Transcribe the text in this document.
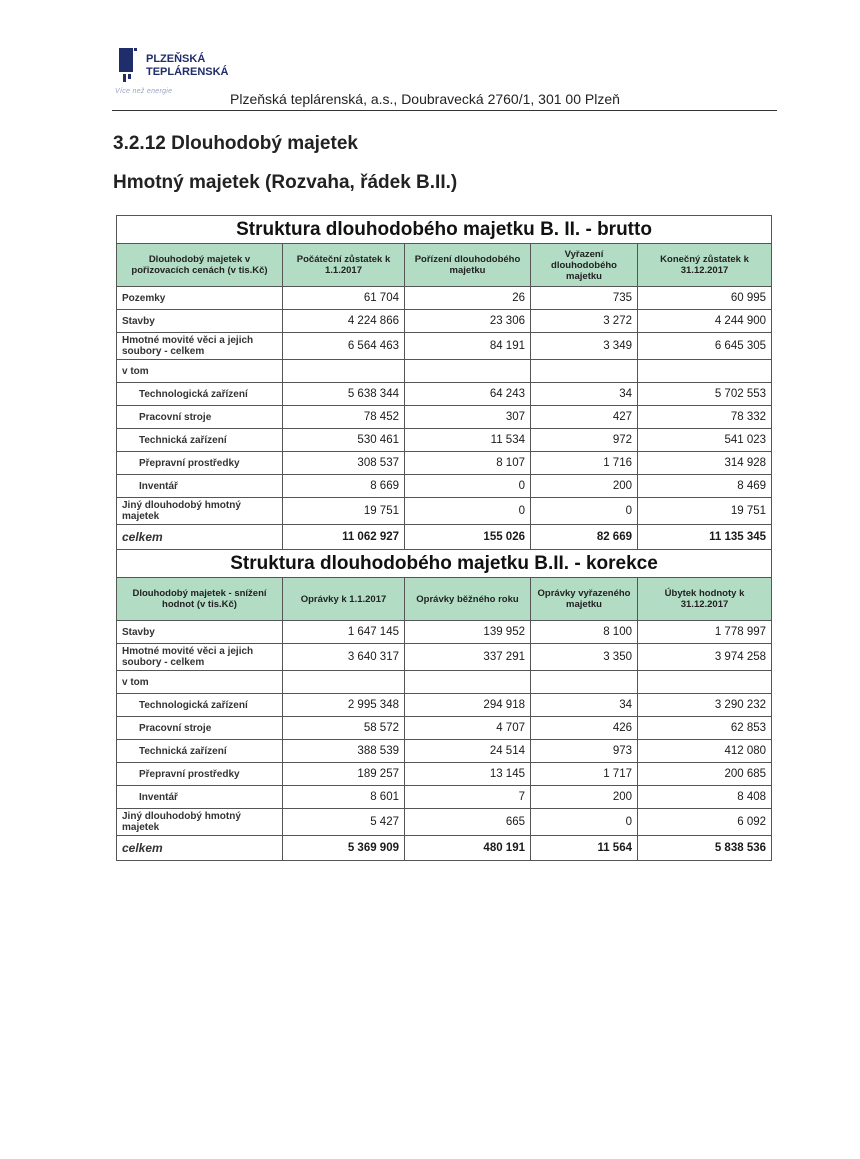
PLZEŇSKÁ
TEPLÁRENSKÁ
Více než energie	Plzeňská teplárenská, a.s., Doubravecká 2760/1, 301 00 Plzeň
3.2.12 Dlouhodobý majetek
Hmotný majetek (Rozvaha, řádek B.II.)
Struktura dlouhodobého majetku B. II. - brutto				
Dlouhodobý majetek v pořizovacích cenách (v tis.Kč)	Počáteční zůstatek k 1.1.2017	Pořízení dlouhodobého majetku	Vyřazení dlouhodobého majetku	Konečný zůstatek k 31.12.2017
Pozemky	61 704	26	735	60 995
Stavby	4 224 866	23 306	3 272	4 244 900
Hmotné movité věci a jejich soubory - celkem	6 564 463	84 191	3 349	6 645 305
v tom				
Technologická zařízení	5 638 344	64 243	34	5 702 553
Pracovní stroje	78 452	307	427	78 332
Technická zařízení	530 461	11 534	972	541 023
Přepravní prostředky	308 537	8 107	1 716	314 928
Inventář	8 669	0	200	8 469
Jiný dlouhodobý hmotný majetek	19 751	0	0	19 751
celkem	11 062 927	155 026	82 669	11 135 345
Struktura dlouhodobého majetku B.II. - korekce				
Dlouhodobý majetek - snížení hodnot (v tis.Kč)	Oprávky k 1.1.2017	Oprávky běžného roku	Oprávky vyřazeného majetku	Úbytek hodnoty k 31.12.2017
Stavby	1 647 145	139 952	8 100	1 778 997
Hmotné movité věci a jejich soubory - celkem	3 640 317	337 291	3 350	3 974 258
v tom				
Technologická zařízení	2 995 348	294 918	34	3 290 232
Pracovní stroje	58 572	4 707	426	62 853
Technická zařízení	388 539	24 514	973	412 080
Přepravní prostředky	189 257	13 145	1 717	200 685
Inventář	8 601	7	200	8 408
Jiný dlouhodobý hmotný majetek	5 427	665	0	6 092
celkem	5 369 909	480 191	11 564	5 838 536
